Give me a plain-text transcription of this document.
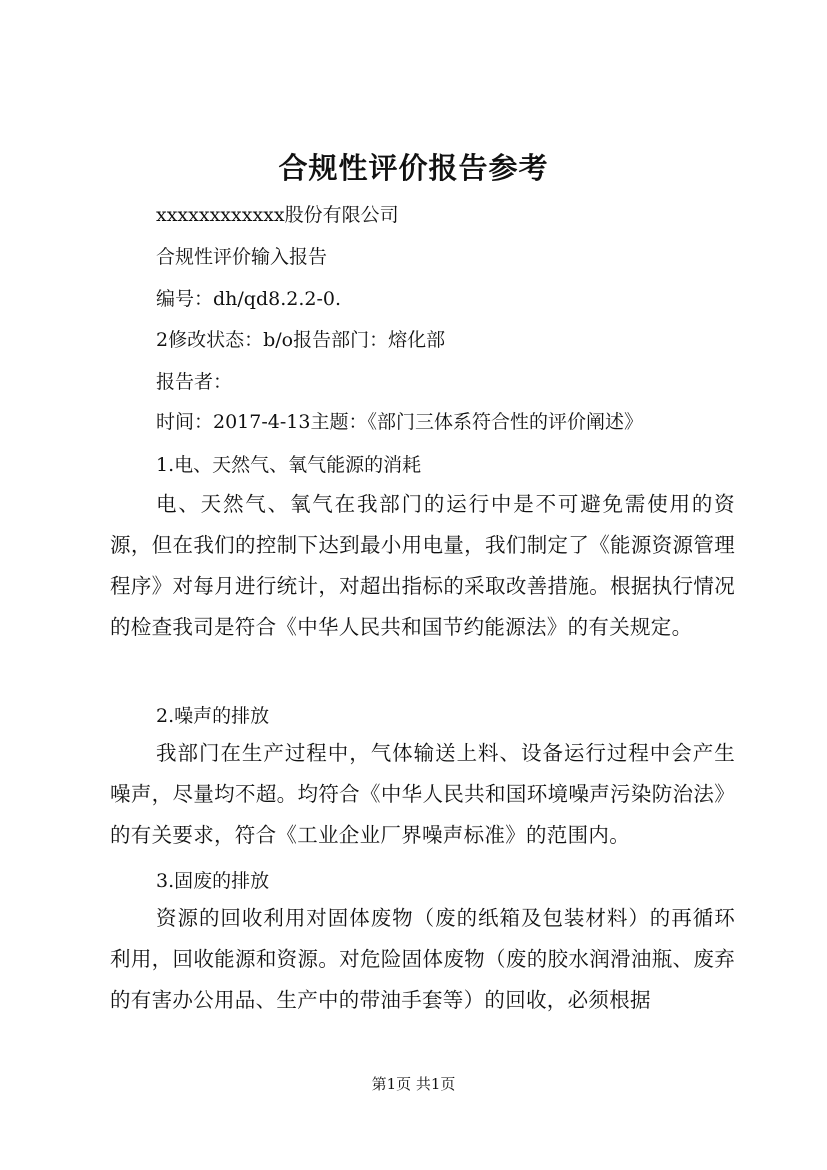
合规性评价报告参考
xxxxxxxxxxxx股份有限公司
合规性评价输入报告
编号：dh/qd8.2.2-0.
2修改状态：b/o报告部门：熔化部
报告者：
时间：2017-4-13主题：《部门三体系符合性的评价阐述》
1.电、天然气、氧气能源的消耗

电、天然气、氧气在我部门的运行中是不可避免需使用的资源，但在我们的控制下达到最小用电量，我们制定了《能源资源管理程序》对每月进行统计，对超出指标的采取改善措施。根据执行情况的检查我司是符合《中华人民共和国节约能源法》的有关规定。

2.噪声的排放

我部门在生产过程中，气体输送上料、设备运行过程中会产生噪声，尽量均不超。均符合《中华人民共和国环境噪声污染防治法》的有关要求，符合《工业企业厂界噪声标准》的范围内。

3.固废的排放

资源的回收利用对固体废物（废的纸箱及包装材料）的再循环利用，回收能源和资源。对危险固体废物（废的胶水润滑油瓶、废弃的有害办公用品、生产中的带油手套等）的回收，必须根据

第1页 共1页
